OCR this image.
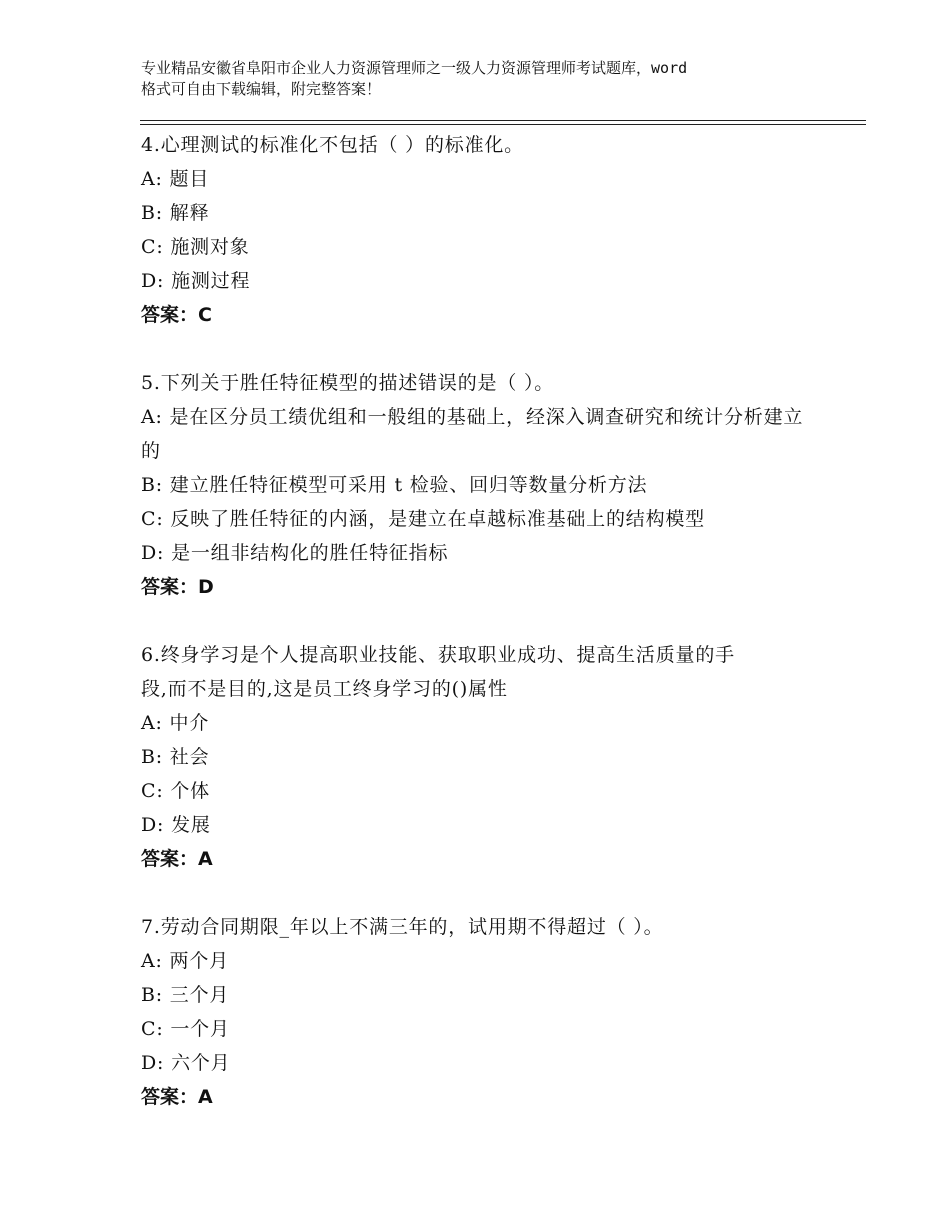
专业精品安徽省阜阳市企业人力资源管理师之一级人力资源管理师考试题库，word
格式可自由下载编辑，附完整答案！
4.心理测试的标准化不包括（ ）的标准化。
A: 题目
B: 解释
C: 施测对象
D: 施测过程
答案：C
5.下列关于胜任特征模型的描述错误的是（ ）。
A: 是在区分员工绩优组和一般组的基础上，经深入调查研究和统计分析建立的
B: 建立胜任特征模型可采用 t 检验、回归等数量分析方法
C: 反映了胜任特征的内涵，是建立在卓越标准基础上的结构模型
D: 是一组非结构化的胜任特征指标
答案：D
6.终身学习是个人提高职业技能、获取职业成功、提高生活质量的手
段,而不是目的,这是员工终身学习的()属性
A: 中介
B: 社会
C: 个体
D: 发展
答案：A
7.劳动合同期限_年以上不满三年的，试用期不得超过（ ）。
A: 两个月
B: 三个月
C: 一个月
D: 六个月
答案：A
